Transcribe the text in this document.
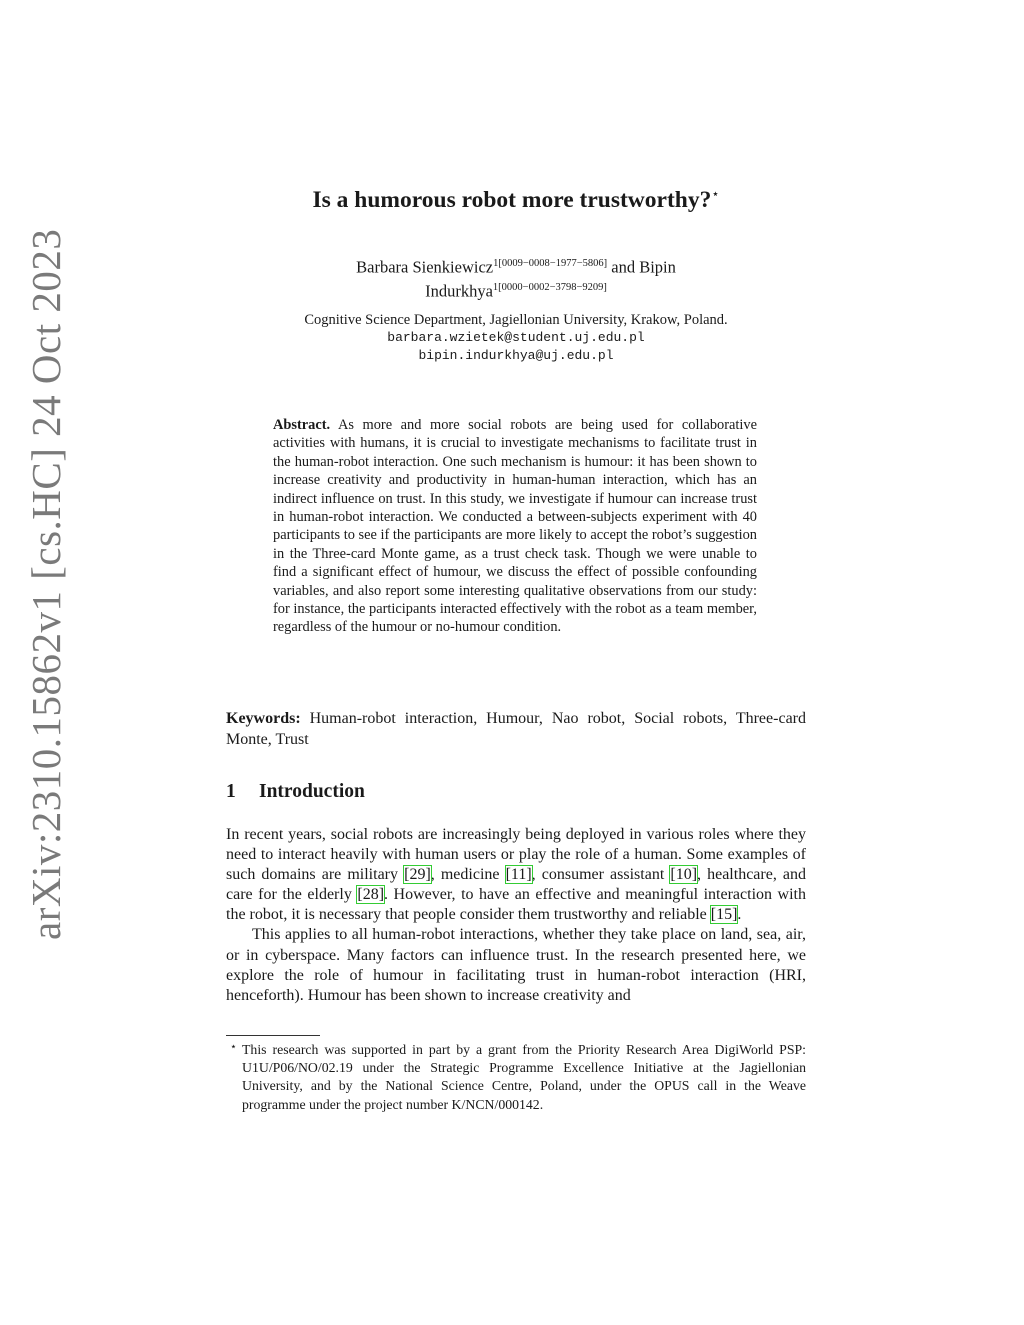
arXiv:2310.15862v1 [cs.HC] 24 Oct 2023
Is a humorous robot more trustworthy?⋆
Barbara Sienkiewicz$^{1[0009-0008-1977-5806]}$ and Bipin
Indurkhya$^{1[0000-0002-3798-9209]}$
Cognitive Science Department, Jagiellonian University, Krakow, Poland.
barbara.wzietek@student.uj.edu.pl
bipin.indurkhya@uj.edu.pl
Abstract. As more and more social robots are being used for collaborative activities with humans, it is crucial to investigate mechanisms to facilitate trust in the human-robot interaction. One such mechanism is humour: it has been shown to increase creativity and productivity in human-human interaction, which has an indirect influence on trust. In this study, we investigate if humour can increase trust in human-robot interaction. We conducted a between-subjects experiment with 40 participants to see if the participants are more likely to accept the robot’s suggestion in the Three-card Monte game, as a trust check task. Though we were unable to find a significant effect of humour, we discuss the effect of possible confounding variables, and also report some interesting qualitative observations from our study: for instance, the participants interacted effectively with the robot as a team member, regardless of the humour or no-humour condition.
Keywords: Human-robot interaction, Humour, Nao robot, Social robots, Three-card Monte, Trust
1 Introduction

In recent years, social robots are increasingly being deployed in various roles where they need to interact heavily with human users or play the role of a human. Some examples of such domains are military [29], medicine [11], consumer assistant [10], healthcare, and care for the elderly [28]. However, to have an effective and meaningful interaction with the robot, it is necessary that people consider them trustworthy and reliable [15].

This applies to all human-robot interactions, whether they take place on land, sea, air, or in cyberspace. Many factors can influence trust. In the research presented here, we explore the role of humour in facilitating trust in human-robot interaction (HRI, henceforth). Humour has been shown to increase creativity and

⋆ This research was supported in part by a grant from the Priority Research Area DigiWorld PSP: U1U/P06/NO/02.19 under the Strategic Programme Excellence Initiative at the Jagiellonian University, and by the National Science Centre, Poland, under the OPUS call in the Weave programme under the project number K/NCN/000142.
